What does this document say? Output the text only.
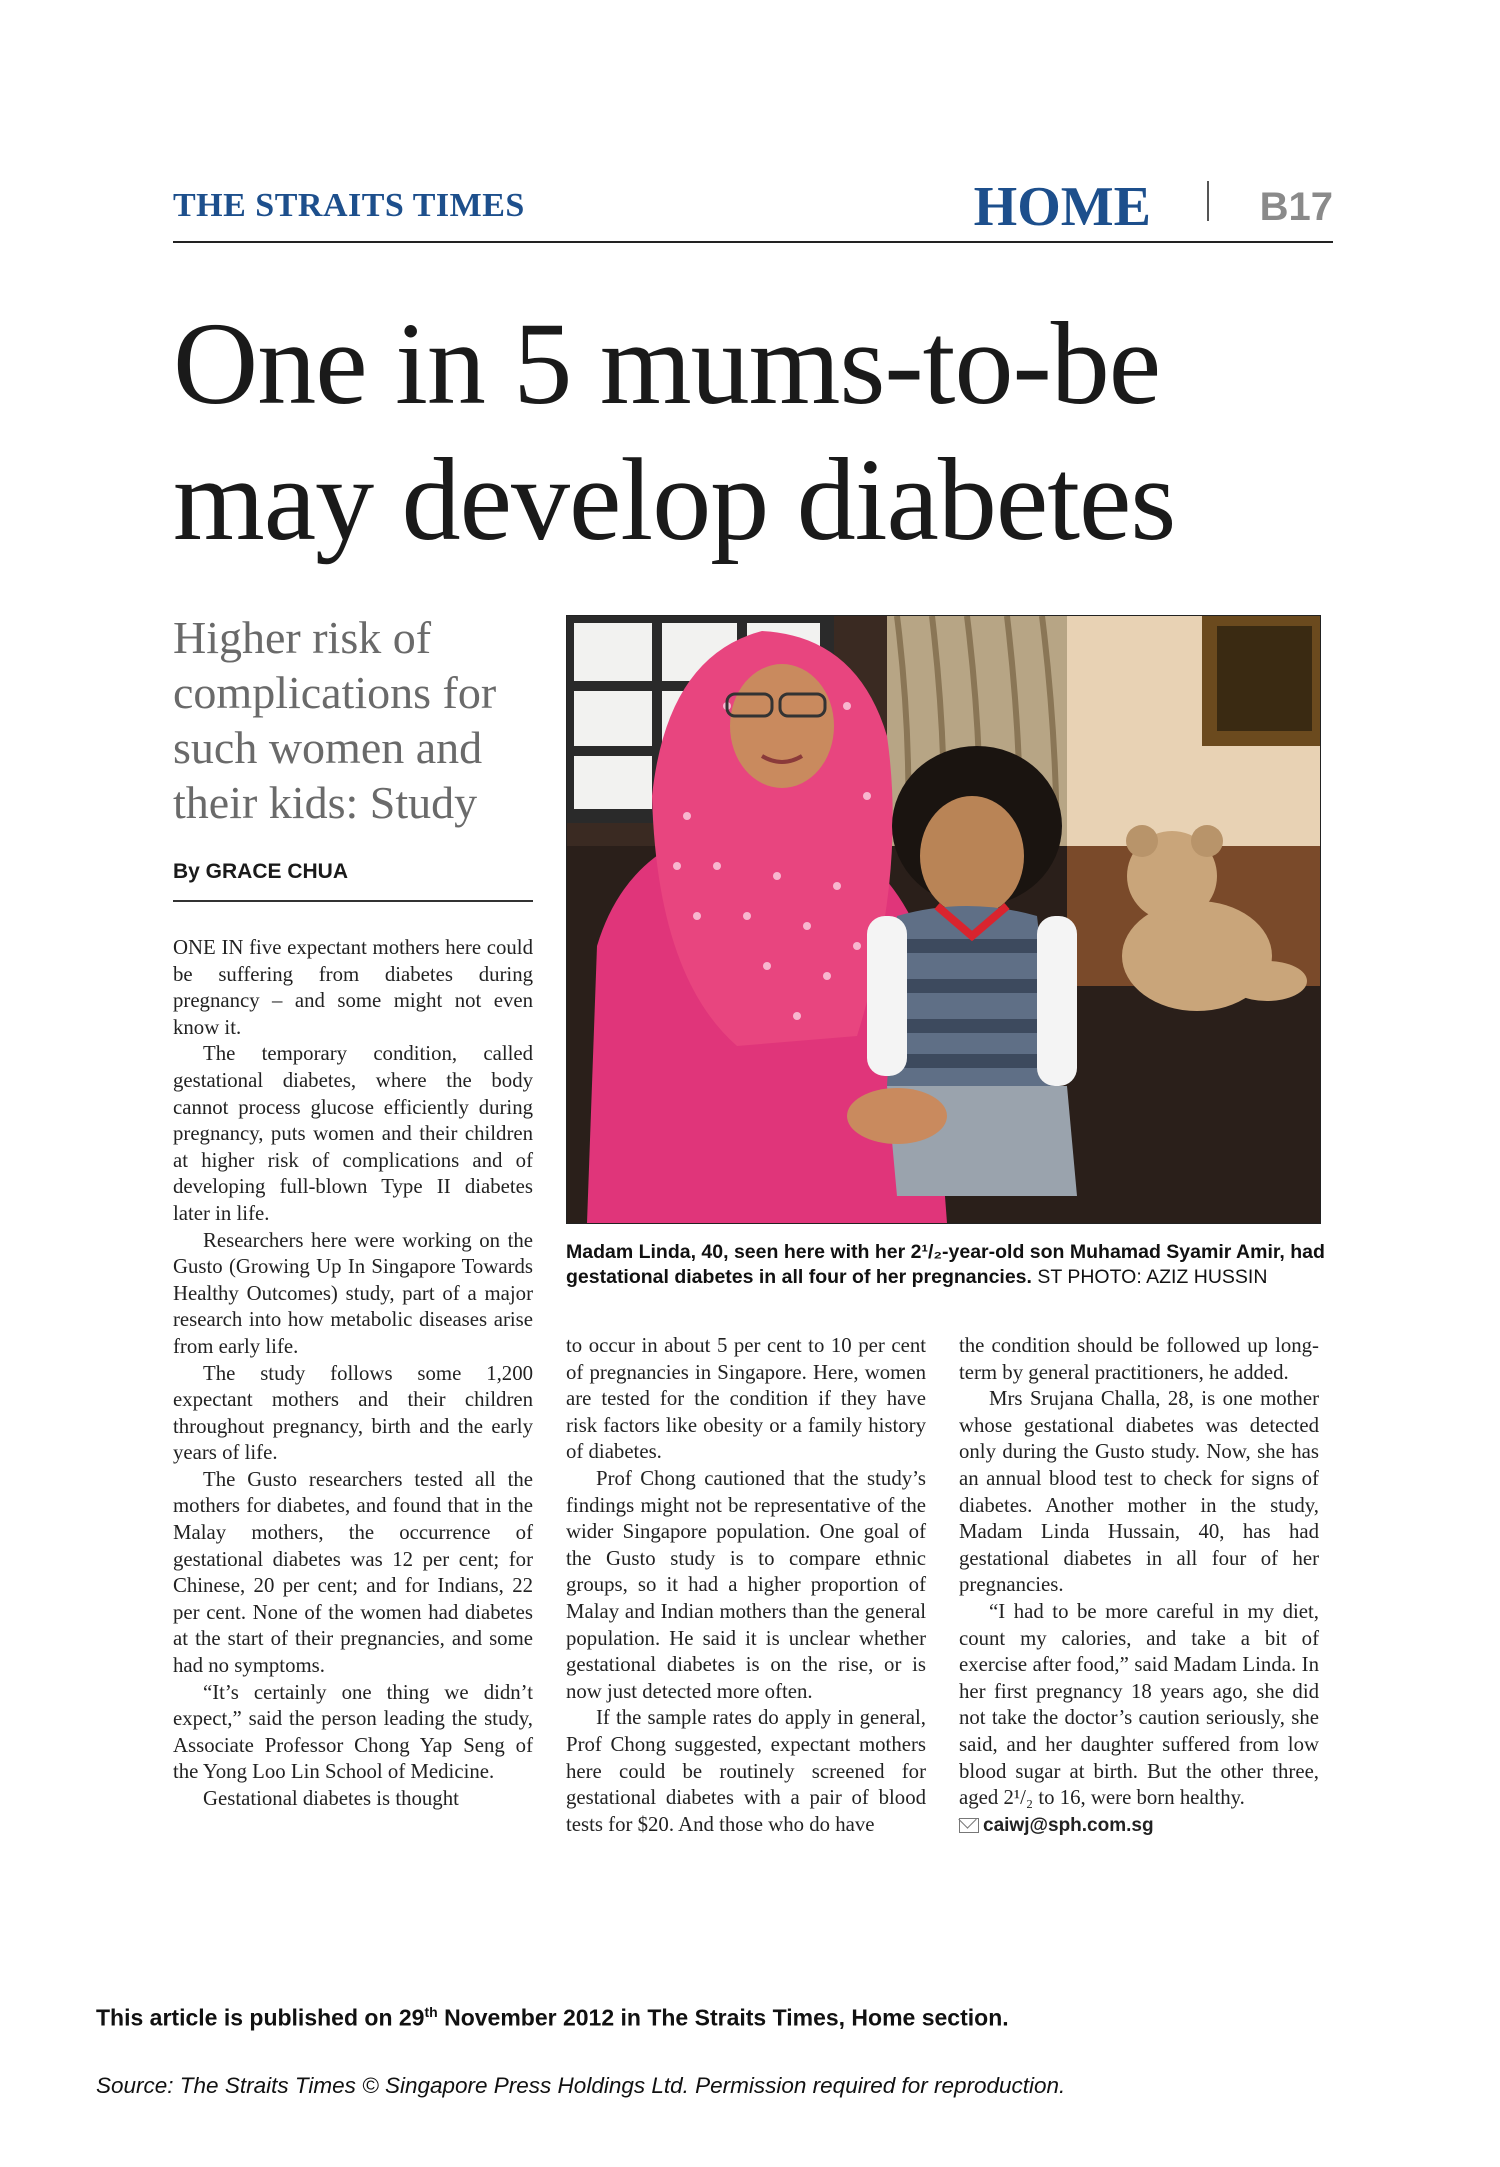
THE STRAITS TIMES	HOME	B17
One in 5 mums-to-be
may develop diabetes
Higher risk of complications for such women and their kids: Study
By GRACE CHUA

ONE IN five expectant mothers here could be suffering from diabetes during pregnancy – and some might not even know it.

The temporary condition, called gestational diabetes, where the body cannot process glucose efficiently during pregnancy, puts women and their children at higher risk of complications and of developing full-blown Type II diabetes later in life.

Researchers here were working on the Gusto (Growing Up In Singapore Towards Healthy Outcomes) study, part of a major research into how metabolic diseases arise from early life.

The study follows some 1,200 expectant mothers and their children throughout pregnancy, birth and the early years of life.

The Gusto researchers tested all the mothers for diabetes, and found that in the Malay mothers, the occurrence of gestational diabetes was 12 per cent; for Chinese, 20 per cent; and for Indians, 22 per cent. None of the women had diabetes at the start of their pregnancies, and some had no symptoms.

“It’s certainly one thing we didn’t expect,” said the person leading the study, Associate Professor Chong Yap Seng of the Yong Loo Lin School of Medicine.

Gestational diabetes is thought

Madam Linda, 40, seen here with her 2¹/₂-year-old son Muhamad Syamir Amir, had gestational diabetes in all four of her pregnancies. ST PHOTO: AZIZ HUSSIN

to occur in about 5 per cent to 10 per cent of pregnancies in Singapore. Here, women are tested for the condition if they have risk factors like obesity or a family history of diabetes.

Prof Chong cautioned that the study’s findings might not be representative of the wider Singapore population. One goal of the Gusto study is to compare ethnic groups, so it had a higher proportion of Malay and Indian mothers than the general population. He said it is unclear whether gestational diabetes is on the rise, or is now just detected more often.

If the sample rates do apply in general, Prof Chong suggested, expectant mothers here could be routinely screened for gestational diabetes with a pair of blood tests for $20. And those who do have

the condition should be followed up long-term by general practitioners, he added.

Mrs Srujana Challa, 28, is one mother whose gestational diabetes was detected only during the Gusto study. Now, she has an annual blood test to check for signs of diabetes. Another mother in the study, Madam Linda Hussain, 40, has had gestational diabetes in all four of her pregnancies.

“I had to be more careful in my diet, count my calories, and take a bit of exercise after food,” said Madam Linda. In her first pregnancy 18 years ago, she did not take the doctor’s caution seriously, she said, and her daughter suffered from low blood sugar at birth. But the other three, aged 2¹/₂ to 16, were born healthy.

caiwj@sph.com.sg

This article is published on 29th November 2012 in The Straits Times, Home section.
Source: The Straits Times © Singapore Press Holdings Ltd. Permission required for reproduction.
